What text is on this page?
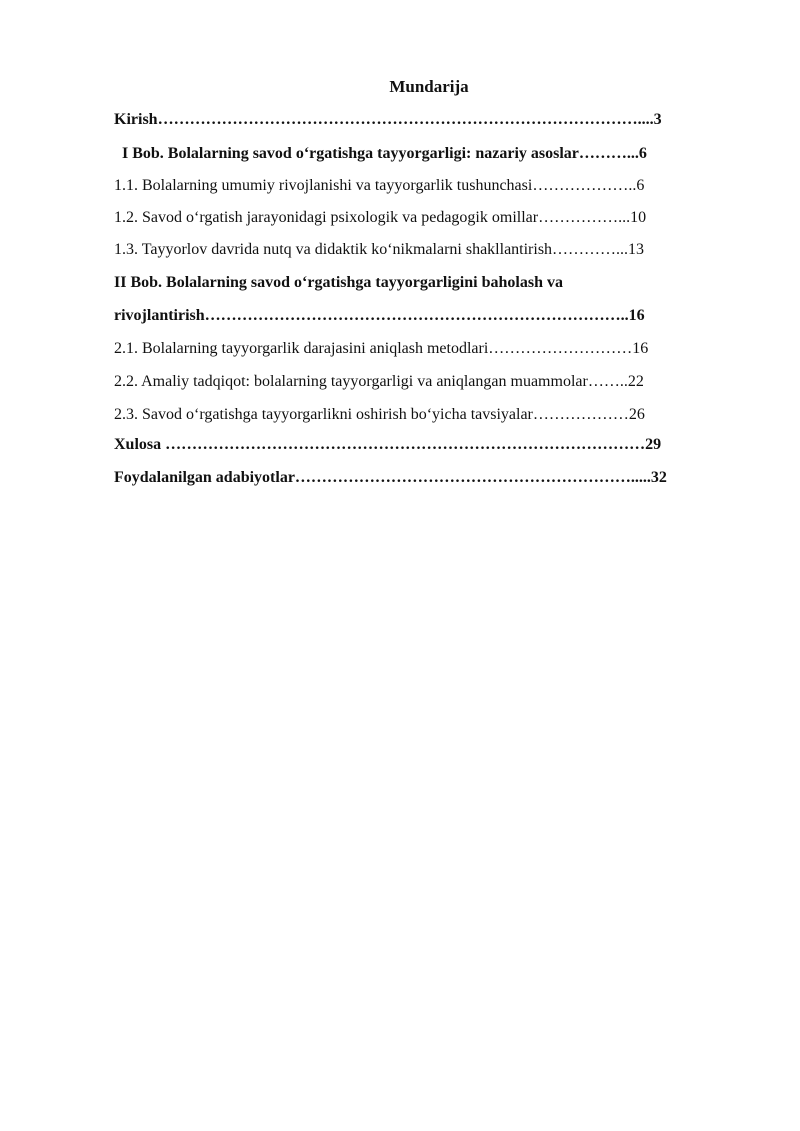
Mundarija
Kirish………………………………………………………………………………....3
I Bob. Bolalarning savod o‘rgatishga tayyorgarligi: nazariy asoslar………...6
1.1. Bolalarning umumiy rivojlanishi va tayyorgarlik tushunchasi………………..6
1.2. Savod o‘rgatish jarayonidagi psixologik va pedagogik omillar……………...10
1.3. Tayyorlov davrida nutq va didaktik ko‘nikmalarni shakllantirish…………...13
II Bob. Bolalarning savod o‘rgatishga tayyorgarligini baholash va
rivojlantirish……………………………………………………………………..16
2.1. Bolalarning tayyorgarlik darajasini aniqlash metodlari………………………16
2.2. Amaliy tadqiqot: bolalarning tayyorgarligi va aniqlangan muammolar……..22
2.3. Savod o‘rgatishga tayyorgarlikni oshirish bo‘yicha tavsiyalar………………26
Xulosa ………………………………………………………………………………29
Foydalanilgan adabiyotlar……………………………………………………….....32
